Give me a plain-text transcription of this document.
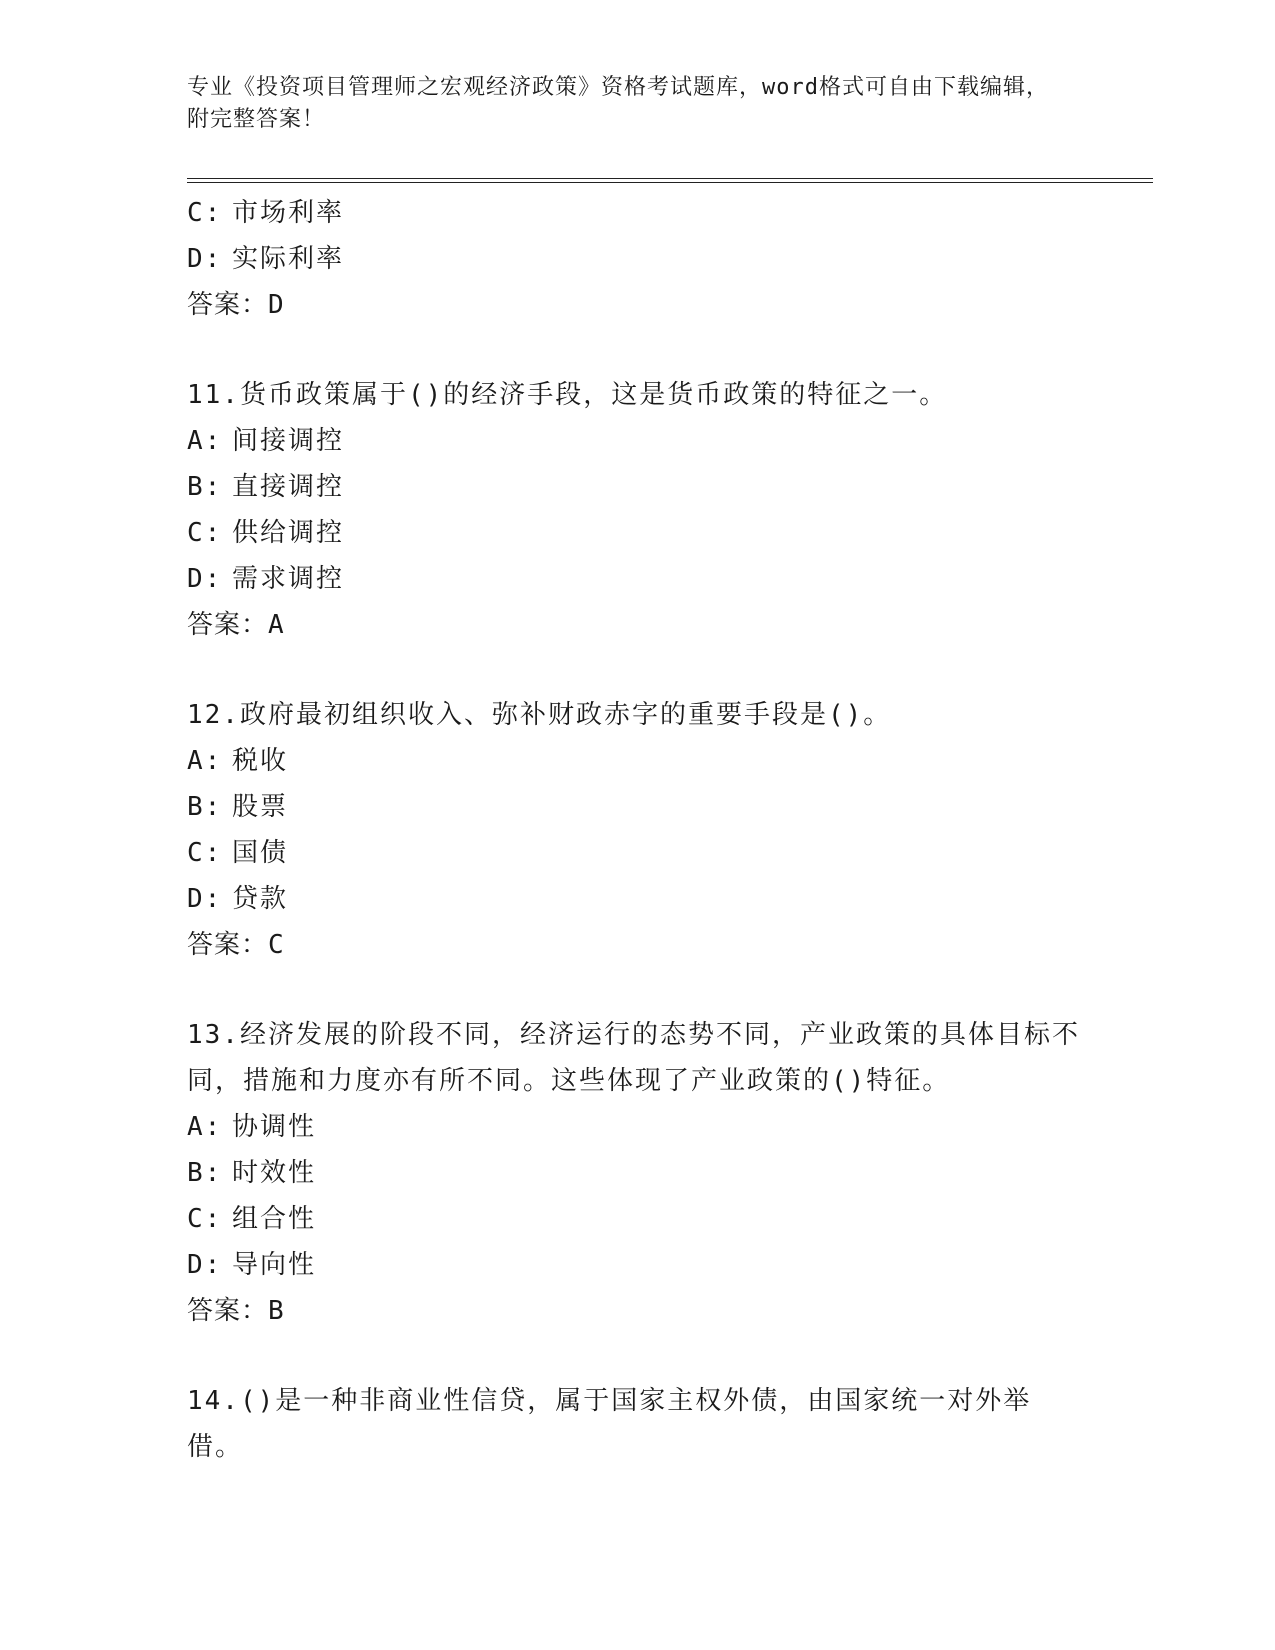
专业《投资项目管理师之宏观经济政策》资格考试题库，word格式可自由下载编辑，附完整答案！
C: 市场利率
D: 实际利率
答案：D
11.货币政策属于()的经济手段，这是货币政策的特征之一。
A: 间接调控
B: 直接调控
C: 供给调控
D: 需求调控
答案：A
12.政府最初组织收入、弥补财政赤字的重要手段是()。
A: 税收
B: 股票
C: 国债
D: 贷款
答案：C
13.经济发展的阶段不同，经济运行的态势不同，产业政策的具体目标不同，措施和力度亦有所不同。这些体现了产业政策的()特征。
A: 协调性
B: 时效性
C: 组合性
D: 导向性
答案：B
14.()是一种非商业性信贷，属于国家主权外债，由国家统一对外举借。
